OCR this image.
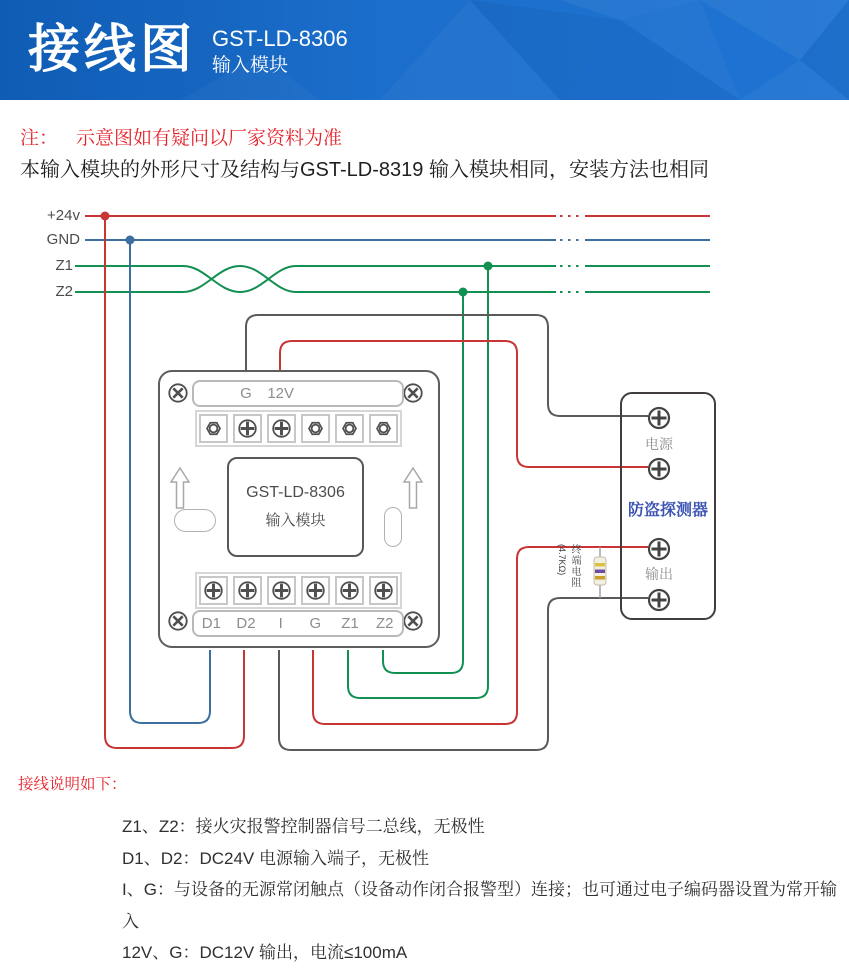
接线图 GST-LD-8306
输入模块
注： 示意图如有疑问以厂家资料为准
本输入模块的外形尺寸及结构与GST-LD-8319 输入模块相同，安装方法也相同
+24v
GND
Z1
Z2
G	12V
GST-LD-8306
输入模块
D1	D2	I	G	Z1	Z2
电源
防盗探测器
输出
终端电阻(4.7KΩ)

接线说明如下：

Z1、Z2：接火灾报警控制器信号二总线，无极性

D1、D2：DC24V 电源输入端子，无极性

I、G：与设备的无源常闭触点（设备动作闭合报警型）连接；也可通过电子编码器设置为常开输入

12V、G：DC12V 输出，电流≤100mA
